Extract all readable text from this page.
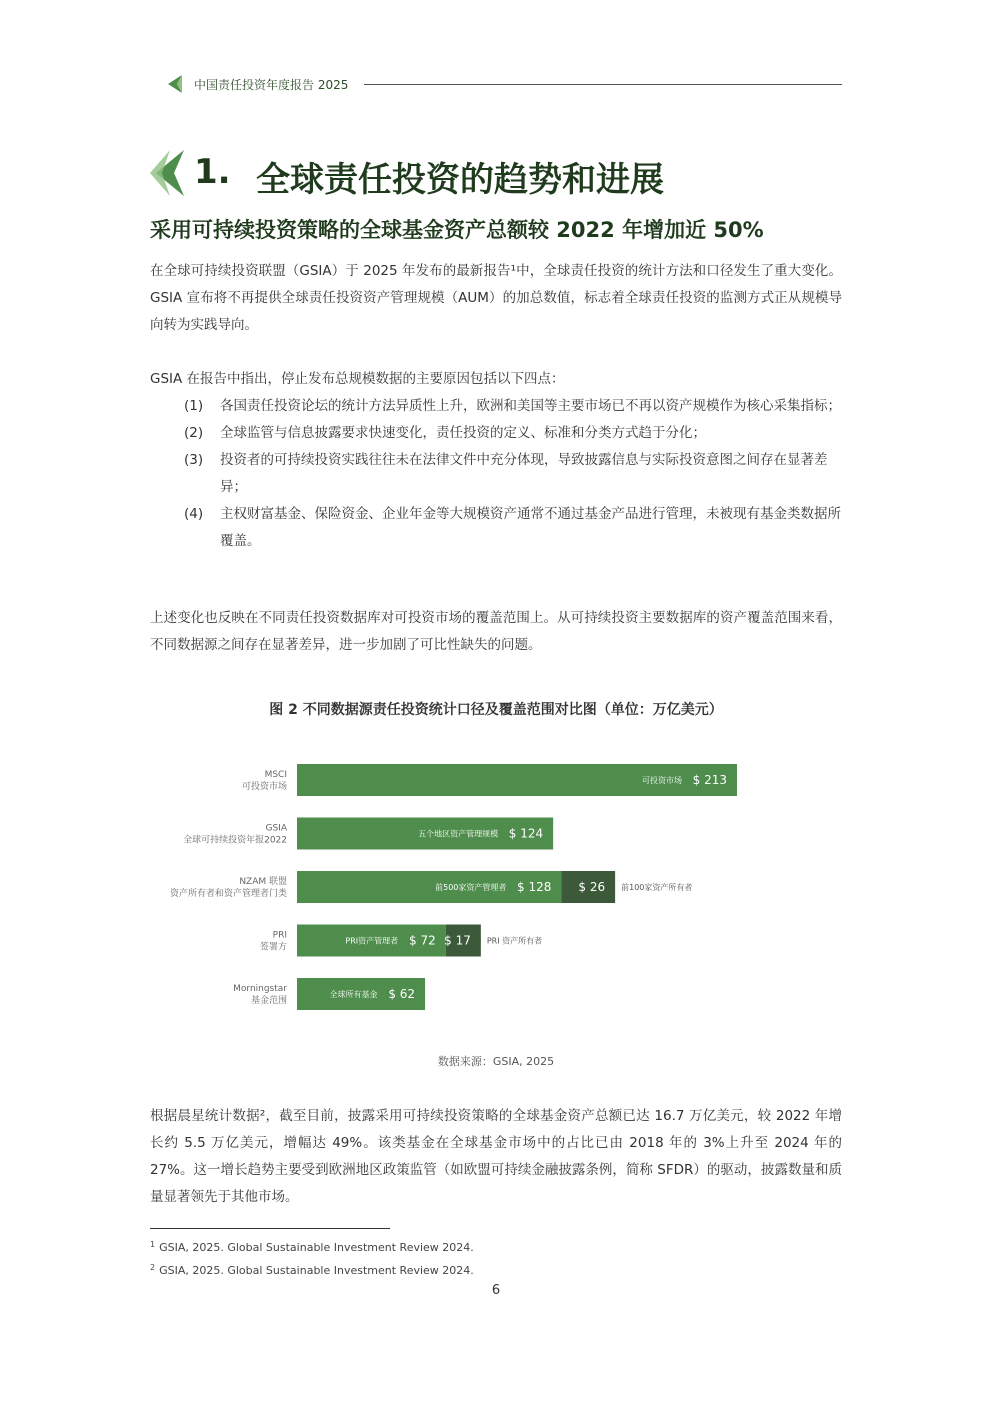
中国责任投资年度报告 2025
1. 全球责任投资的趋势和进展
采用可持续投资策略的全球基金资产总额较 2022 年增加近 50%

在全球可持续投资联盟（GSIA）于 2025 年发布的最新报告¹中，全球责任投资的统计方法和口径发生了重大变化。GSIA 宣布将不再提供全球责任投资资产管理规模（AUM）的加总数值，标志着全球责任投资的监测方式正从规模导向转为实践导向。

GSIA 在报告中指出，停止发布总规模数据的主要原因包括以下四点：

(1) 各国责任投资论坛的统计方法异质性上升，欧洲和美国等主要市场已不再以资产规模作为核心采集指标；
(2) 全球监管与信息披露要求快速变化，责任投资的定义、标准和分类方式趋于分化；
(3) 投资者的可持续投资实践往往未在法律文件中充分体现，导致披露信息与实际投资意图之间存在显著差异；
(4) 主权财富基金、保险资金、企业年金等大规模资产通常不通过基金产品进行管理，未被现有基金类数据所覆盖。

上述变化也反映在不同责任投资数据库对可投资市场的覆盖范围上。从可持续投资主要数据库的资产覆盖范围来看，不同数据源之间存在显著差异，进一步加剧了可比性缺失的问题。

图 2 不同数据源责任投资统计口径及覆盖范围对比图（单位：万亿美元）
MSCI
可投资市场	$ 213
可投资市场
GSIA
全球可持续投资年报2022	$ 124
五个地区资产管理规模
NZAM 联盟
资产所有者和资产管理者门类	$ 128
前500家资产管理者	$ 26 前100家资产所有者
PRI
签署方	$ 72
PRI资产管理者	$ 17 PRI 资产所有者
Morningstar
基金范围	$ 62
全球所有基金
数据来源：GSIA, 2025

根据晨星统计数据²，截至目前，披露采用可持续投资策略的全球基金资产总额已达 16.7 万亿美元，较 2022 年增长约 5.5 万亿美元，增幅达 49%。该类基金在全球基金市场中的占比已由 2018 年的 3%上升至 2024 年的 27%。这一增长趋势主要受到欧洲地区政策监管（如欧盟可持续金融披露条例，简称 SFDR）的驱动，披露数量和质量显著领先于其他市场。

$^1$ GSIA, 2025. Global Sustainable Investment Review 2024.
$^2$ GSIA, 2025. Global Sustainable Investment Review 2024.
6
